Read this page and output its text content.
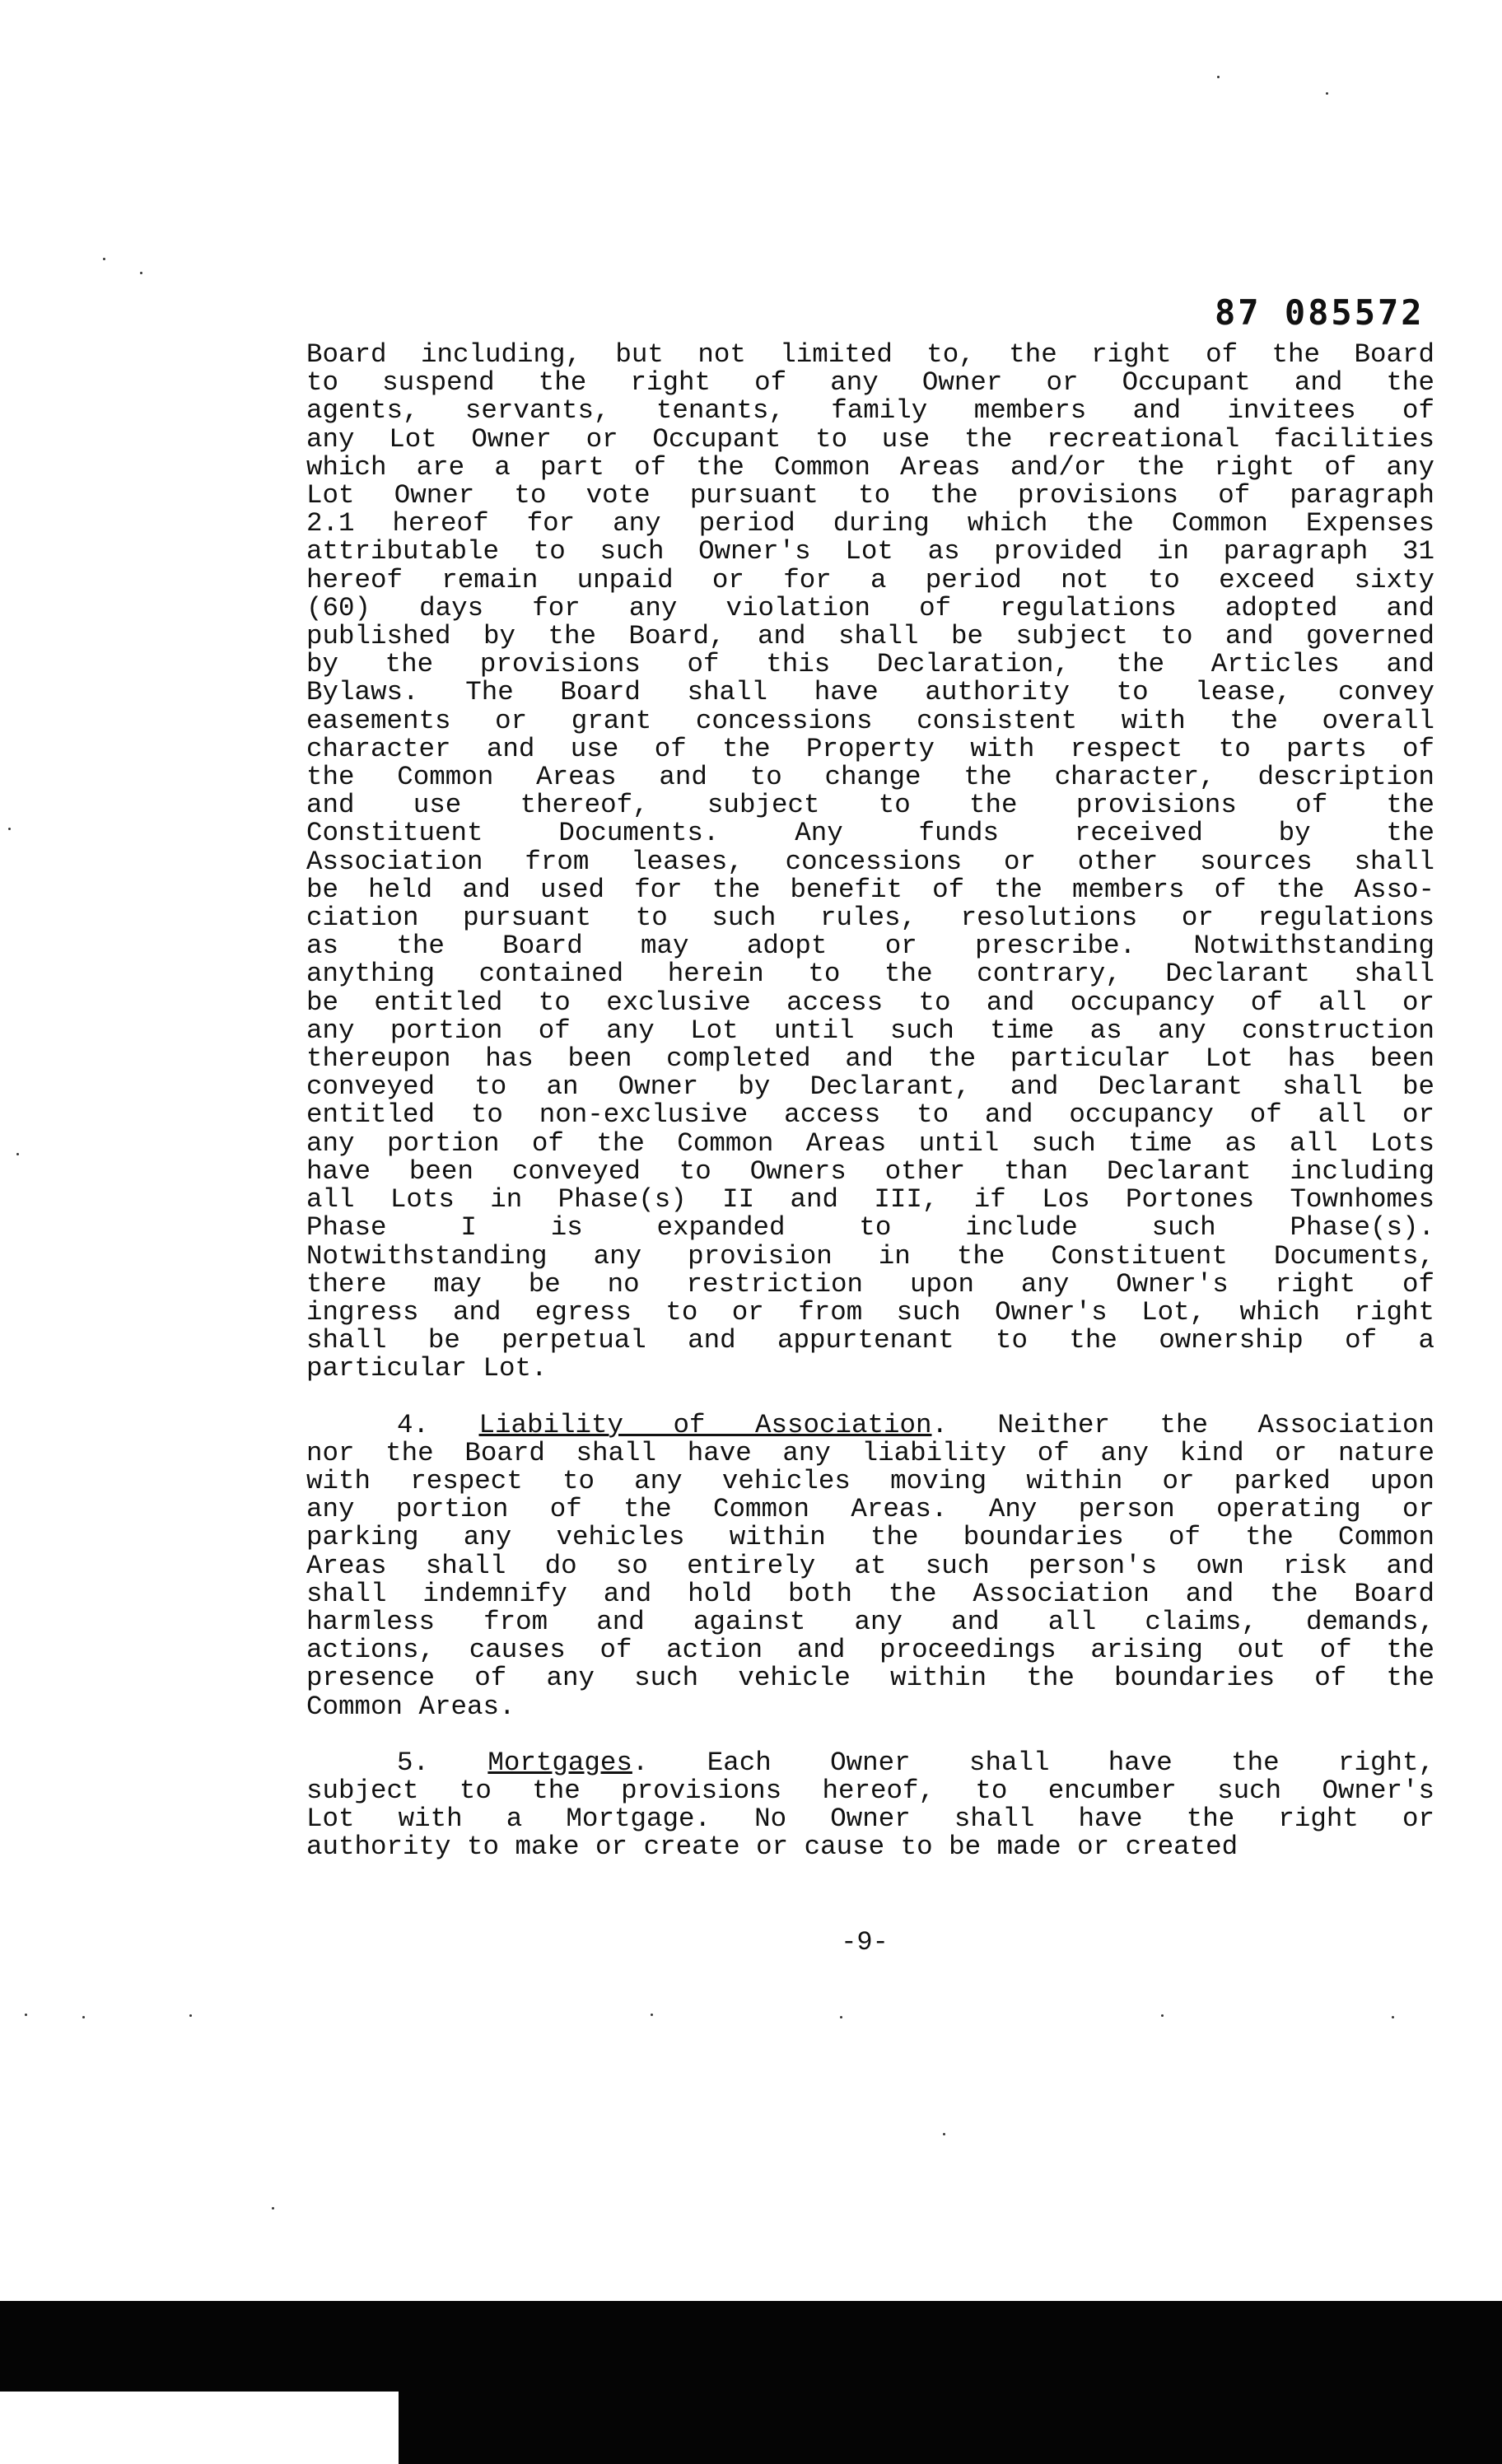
87 085572
Board including, but not limited to, the right of the Board
to suspend the right of any Owner or Occupant and the
agents, servants, tenants, family members and invitees of
any Lot Owner or Occupant to use the recreational facilities
which are a part of the Common Areas and/or the right of any
Lot Owner to vote pursuant to the provisions of paragraph
2.1 hereof for any period during which the Common Expenses
attributable to such Owner's Lot as provided in paragraph 31
hereof remain unpaid or for a period not to exceed sixty
(60) days for any violation of regulations adopted and
published by the Board, and shall be subject to and governed
by the provisions of this Declaration, the Articles and
Bylaws. The Board shall have authority to lease, convey
easements or grant concessions consistent with the overall
character and use of the Property with respect to parts of
the Common Areas and to change the character, description
and use thereof, subject to the provisions of the
Constituent Documents. Any funds received by the
Association from leases, concessions or other sources shall
be held and used for the benefit of the members of the Asso-
ciation pursuant to such rules, resolutions or regulations
as the Board may adopt or prescribe. Notwithstanding
anything contained herein to the contrary, Declarant shall
be entitled to exclusive access to and occupancy of all or
any portion of any Lot until such time as any construction
thereupon has been completed and the particular Lot has been
conveyed to an Owner by Declarant, and Declarant shall be
entitled to non-exclusive access to and occupancy of all or
any portion of the Common Areas until such time as all Lots
have been conveyed to Owners other than Declarant including
all Lots in Phase(s) II and III, if Los Portones Townhomes
Phase I is expanded to include such Phase(s).
Notwithstanding any provision in the Constituent Documents,
there may be no restriction upon any Owner's right of
ingress and egress to or from such Owner's Lot, which right
shall be perpetual and appurtenant to the ownership of a
particular Lot.
4. Liability of Association. Neither the Association
nor the Board shall have any liability of any kind or nature
with respect to any vehicles moving within or parked upon
any portion of the Common Areas. Any person operating or
parking any vehicles within the boundaries of the Common
Areas shall do so entirely at such person's own risk and
shall indemnify and hold both the Association and the Board
harmless from and against any and all claims, demands,
actions, causes of action and proceedings arising out of the
presence of any such vehicle within the boundaries of the
Common Areas.
5. Mortgages. Each Owner shall have the right,
subject to the provisions hereof, to encumber such Owner's
Lot with a Mortgage. No Owner shall have the right or
authority to make or create or cause to be made or created
-9-
